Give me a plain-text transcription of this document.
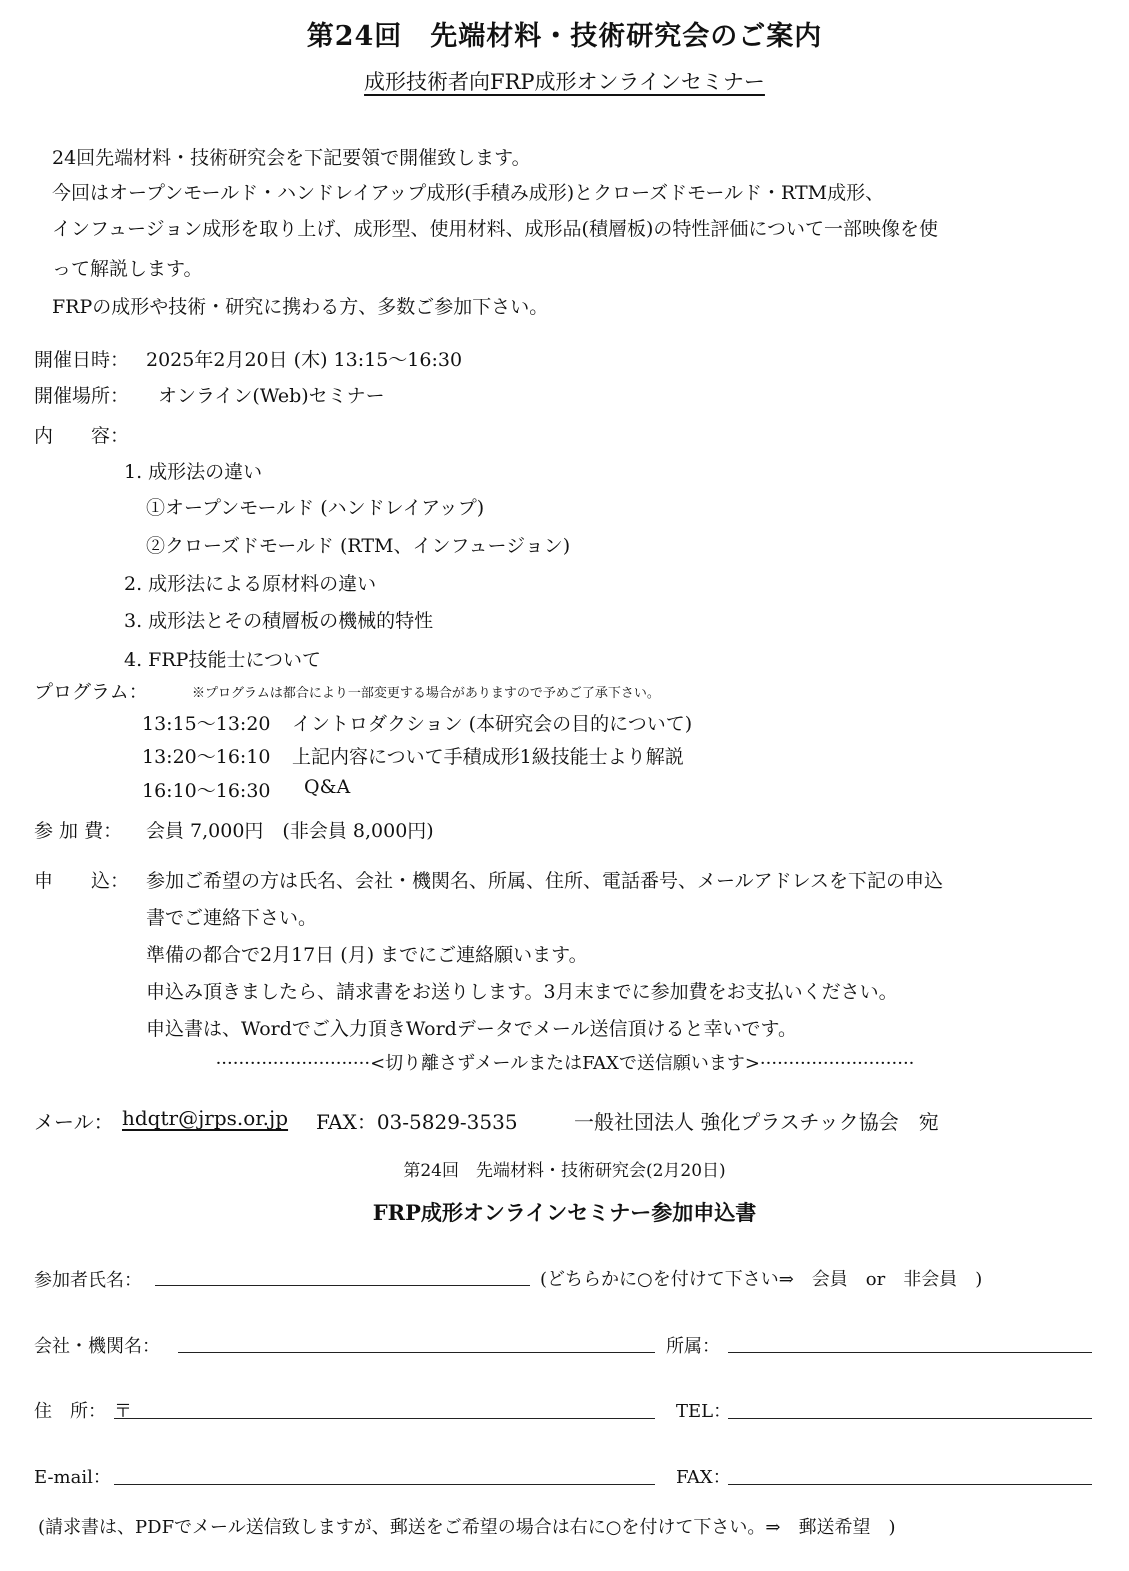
第24回　先端材料・技術研究会のご案内
成形技術者向FRP成形オンラインセミナー
24回先端材料・技術研究会を下記要領で開催致します。
今回はオープンモールド・ハンドレイアップ成形(手積み成形)とクローズドモールド・RTM成形、
インフュージョン成形を取り上げ、成形型、使用材料、成形品(積層板)の特性評価について一部映像を使
って解説します。
FRPの成形や技術・研究に携わる方、多数ご参加下さい。
開催日時： 2025年2月20日 (木) 13:15〜16:30
開催場所： オンライン(Web)セミナー
内　　容：
1. 成形法の違い
①オープンモールド (ハンドレイアップ)
②クローズドモールド (RTM、インフュージョン)
2. 成形法による原材料の違い
3. 成形法とその積層板の機械的特性
4. FRP技能士について
プログラム：	※プログラムは都合により一部変更する場合がありますので予めご了承下さい。
13:15〜13:20 イントロダクション (本研究会の目的について)
13:20〜16:10 上記内容について手積成形1級技能士より解説
16:10〜16:30 Q&A
参 加 費： 会員 7,000円　(非会員 8,000円)
申　　込： 参加ご希望の方は氏名、会社・機関名、所属、住所、電話番号、メールアドレスを下記の申込
書でご連絡下さい。
準備の都合で2月17日 (月) までにご連絡願います。
申込み頂きましたら、請求書をお送りします。3月末までに参加費をお支払いください。
申込書は、Wordでご入力頂きWordデータでメール送信頂けると幸いです。
···························<切り離さずメールまたはFAXで送信願います>···························
メール： hdqtr@jrps.or.jp FAX：03-5829-3535	一般社団法人 強化プラスチック協会　宛
第24回　先端材料・技術研究会(2月20日)
FRP成形オンラインセミナー参加申込書
参加者氏名：	(どちらかに○を付けて下さい⇒　会員　or　非会員　)
会社・機関名：	所属：
住　所： 〒	TEL：
E-mail：	FAX：
(請求書は、PDFでメール送信致しますが、郵送をご希望の場合は右に○を付けて下さい。⇒　郵送希望　)
